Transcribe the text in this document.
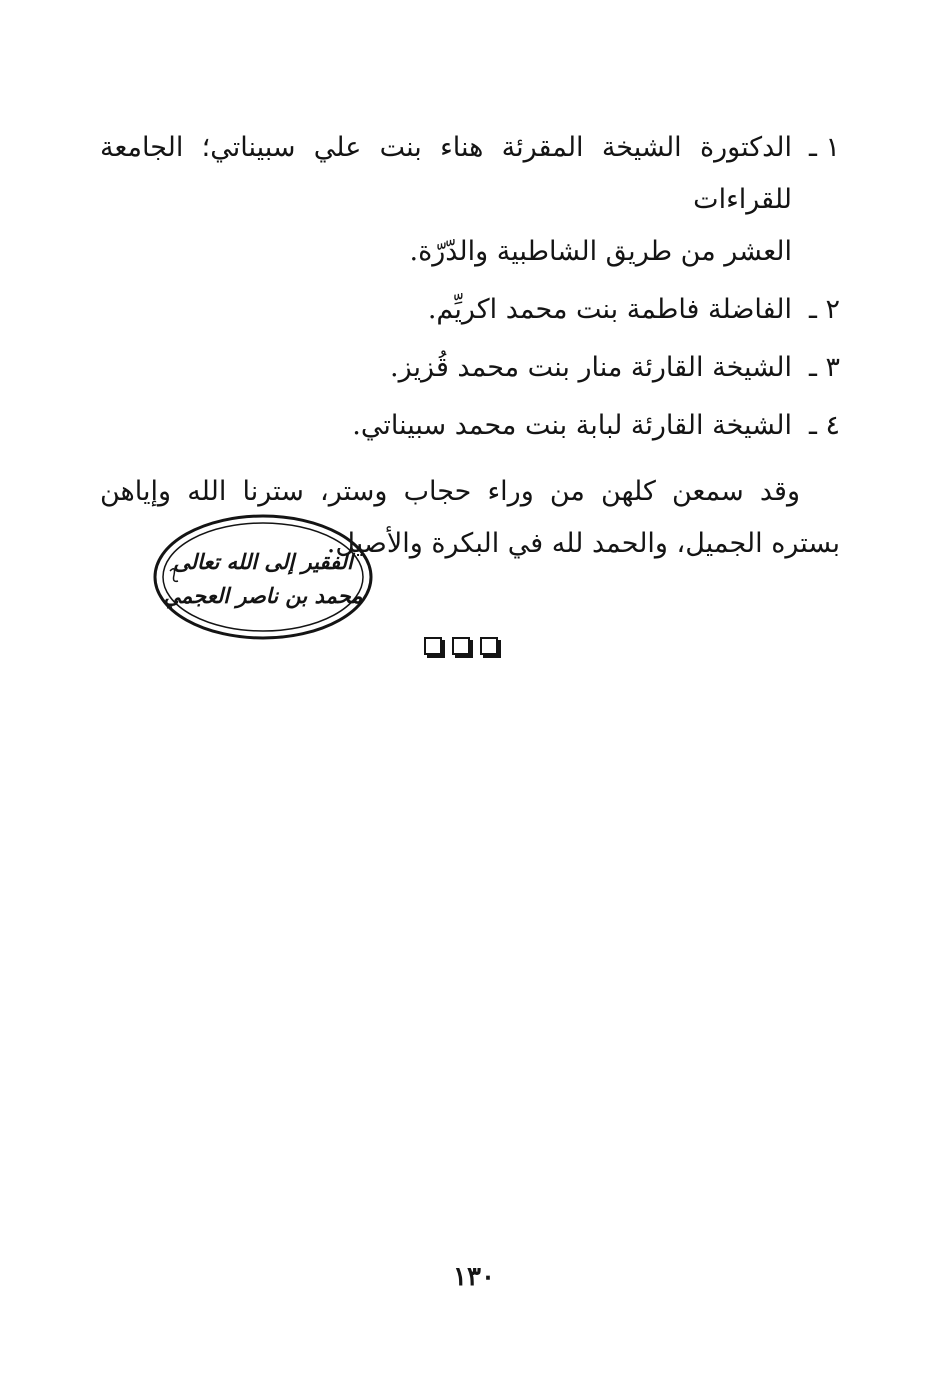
١ ـ
الدكتورة الشيخة المقرئة هناء بنت علي سبيناتي؛ الجامعة للقراءات
العشر من طريق الشاطبية والدّرّة.
٢ ـ
الفاضلة فاطمة بنت محمد اكريِّم.
٣ ـ
الشيخة القارئة منار بنت محمد قُزيز.
٤ ـ
الشيخة القارئة لبابة بنت محمد سبيناتي.
وقد سمعن كلهن من وراء حجاب وستر، سترنا الله وإياهن بستره الجميل، والحمد لله في البكرة والأصيل.
الفقير إلى الله تعالى
محمد بن ناصر العجمي
١٣٠
